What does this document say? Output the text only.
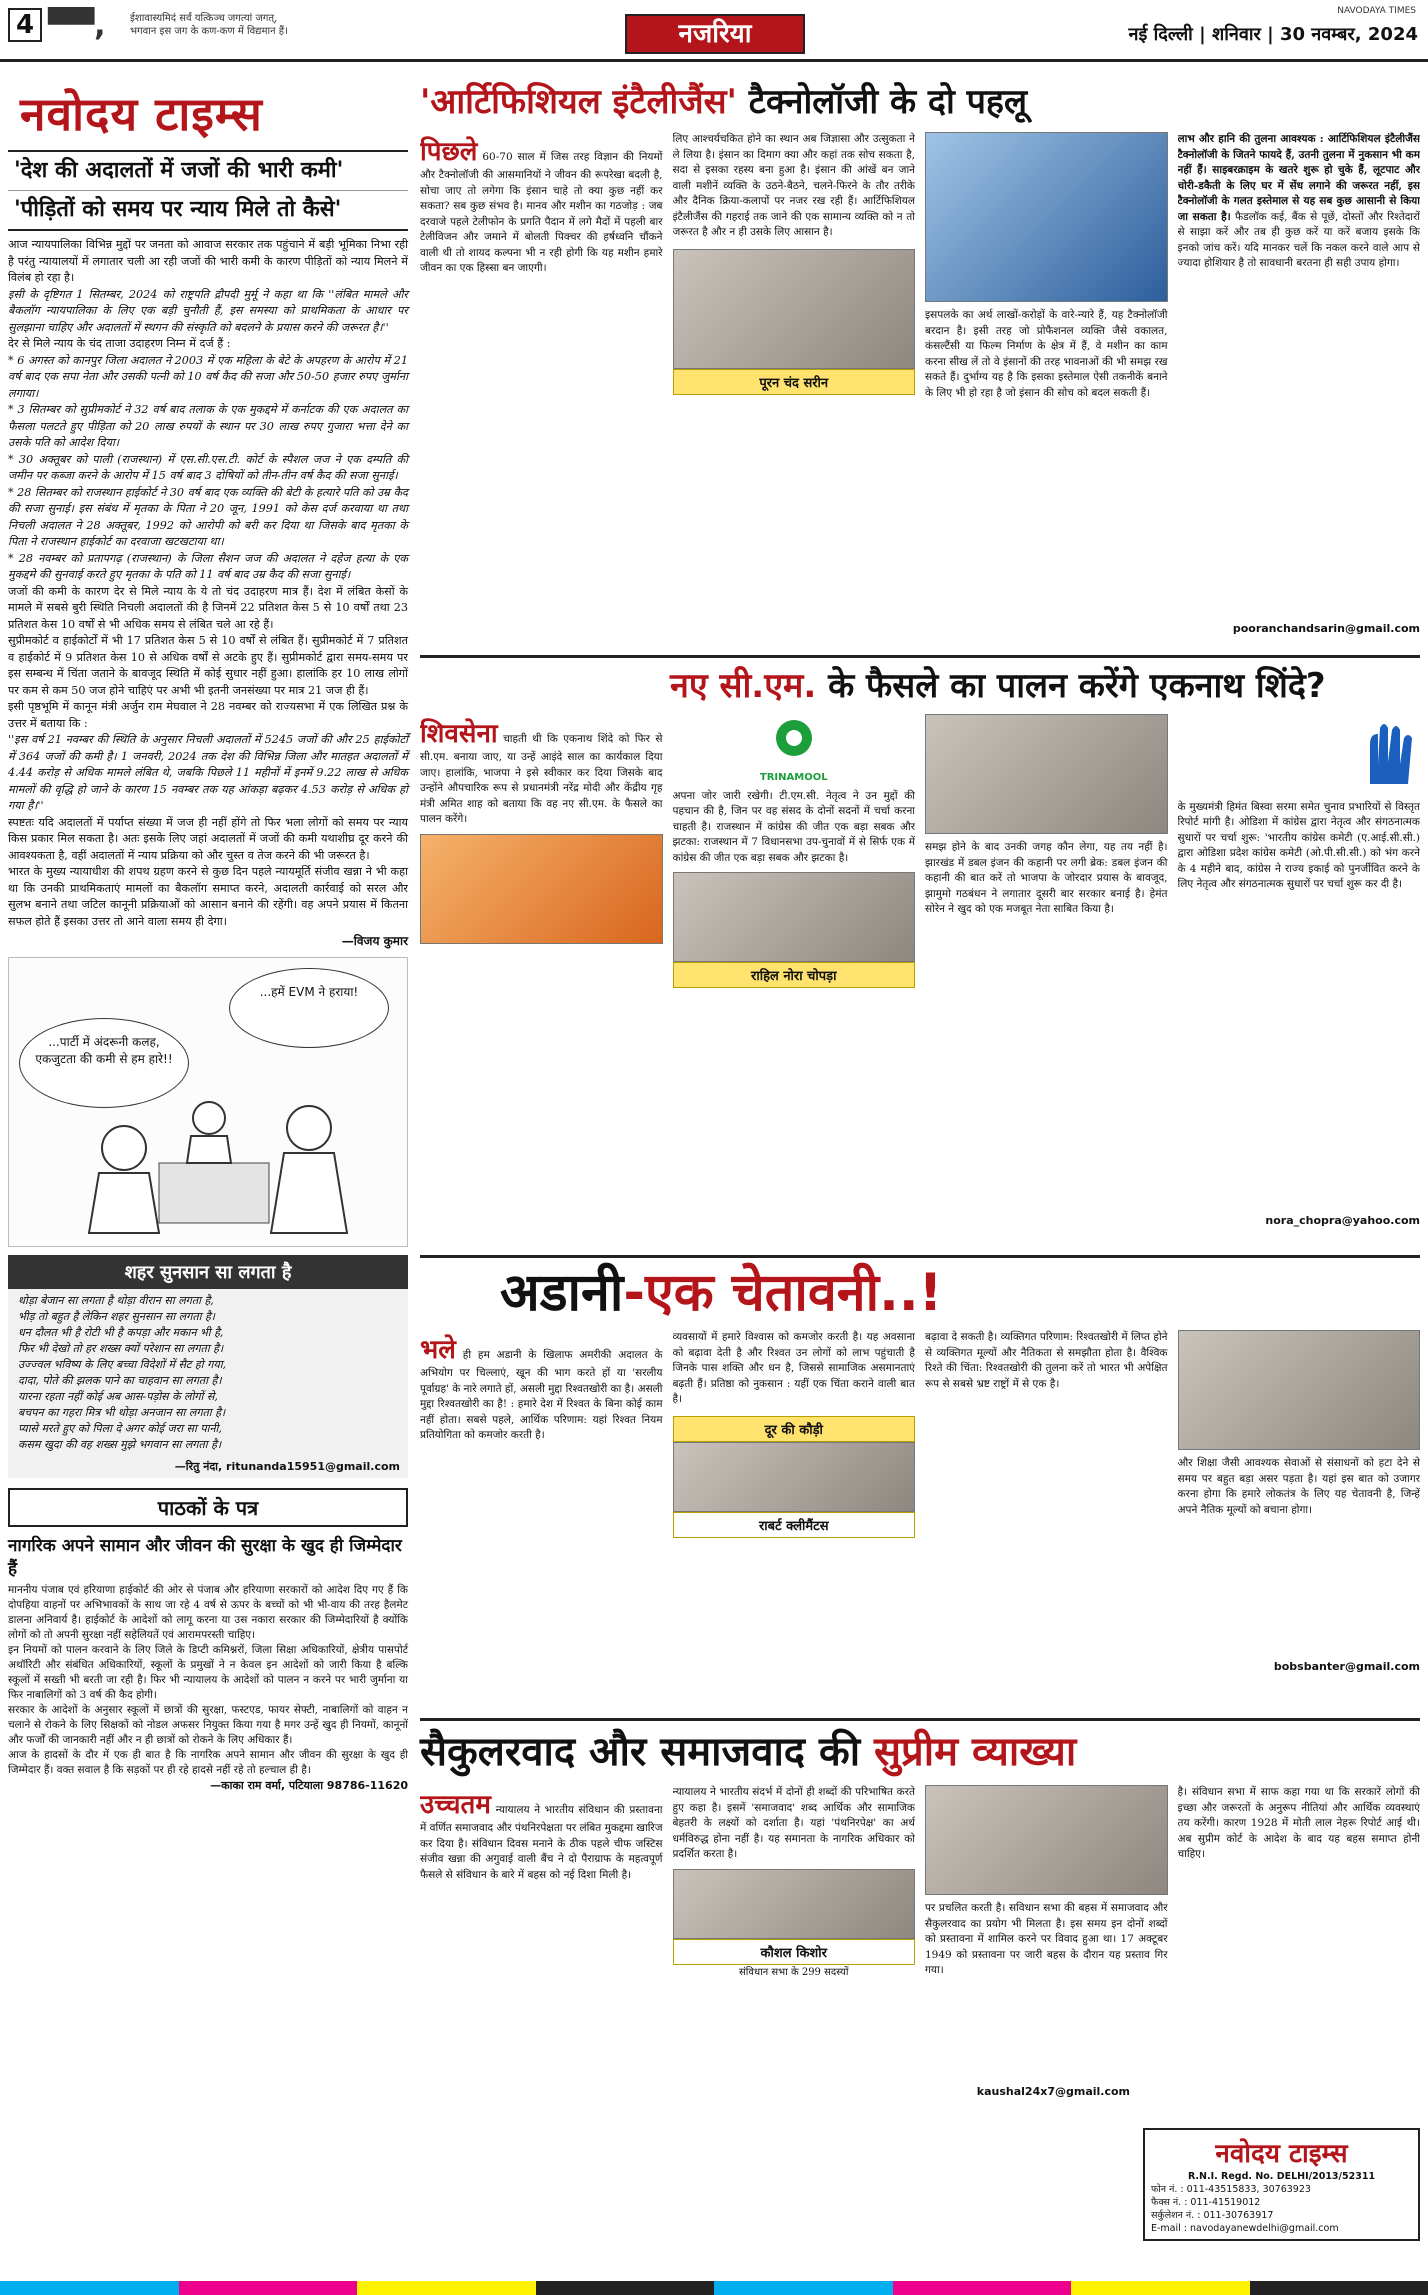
4 ▀▀, ईशावास्यमिदं सर्वं यत्किञ्च जगत्यां जगत्,
भगवान इस जग के कण-कण में विद्यमान हैं।	नजरिया
NAVODAYA TIMES
नई दिल्ली | शनिवार | 30 नवम्बर, 2024
नवोदय टाइम्स
'देश की अदालतों में जजों की भारी कमी'
'पीड़ितों को समय पर न्याय मिले तो कैसे'

आज न्यायपालिका विभिन्न मुद्दों पर जनता को आवाज सरकार तक पहुंचाने में बड़ी भूमिका निभा रही है परंतु न्यायालयों में लगातार चली आ रही जजों की भारी कमी के कारण पीड़ितों को न्याय मिलने में विलंब हो रहा है।

इसी के दृष्टिगत 1 सितम्बर, 2024 को राष्ट्रपति द्रौपदी मुर्मू ने कहा था कि ''लंबित मामले और बैकलॉग न्यायपालिका के लिए एक बड़ी चुनौती हैं, इस समस्या को प्राथमिकता के आधार पर सुलझाना चाहिए और अदालतों में स्थगन की संस्कृति को बदलने के प्रयास करने की जरूरत है।''

देर से मिले न्याय के चंद ताजा उदाहरण निम्न में दर्ज हैं :

* 6 अगस्त को कानपुर जिला अदालत ने 2003 में एक महिला के बेटे के अपहरण के आरोप में 21 वर्ष बाद एक सपा नेता और उसकी पत्नी को 10 वर्ष कैद की सजा और 50-50 हजार रुपए जुर्माना लगाया।

* 3 सितम्बर को सुप्रीमकोर्ट ने 32 वर्ष बाद तलाक के एक मुकद्दमे में कर्नाटक की एक अदालत का फैसला पलटते हुए पीड़िता को 20 लाख रुपयों के स्थान पर 30 लाख रुपए गुजारा भत्ता देने का उसके पति को आदेश दिया।

* 30 अक्तूबर को पाली (राजस्थान) में एस.सी.एस.टी. कोर्ट के स्पैशल जज ने एक दम्पति की जमीन पर कब्जा करने के आरोप में 15 वर्ष बाद 3 दोषियों को तीन-तीन वर्ष कैद की सजा सुनाई।

* 28 सितम्बर को राजस्थान हाईकोर्ट ने 30 वर्ष बाद एक व्यक्ति की बेटी के हत्यारे पति को उम्र कैद की सजा सुनाई। इस संबंध में मृतका के पिता ने 20 जून, 1991 को केस दर्ज करवाया था तथा निचली अदालत ने 28 अक्तूबर, 1992 को आरोपी को बरी कर दिया था जिसके बाद मृतका के पिता ने राजस्थान हाईकोर्ट का दरवाजा खटखटाया था।

* 28 नवम्बर को प्रतापगढ़ (राजस्थान) के जिला सैशन जज की अदालत ने दहेज हत्या के एक मुकद्दमे की सुनवाई करते हुए मृतका के पति को 11 वर्ष बाद उम्र कैद की सजा सुनाई।

जजों की कमी के कारण देर से मिले न्याय के ये तो चंद उदाहरण मात्र हैं। देश में लंबित केसों के मामले में सबसे बुरी स्थिति निचली अदालतों की है जिनमें 22 प्रतिशत केस 5 से 10 वर्षों तथा 23 प्रतिशत केस 10 वर्षों से भी अधिक समय से लंबित चले आ रहे हैं।

सुप्रीमकोर्ट व हाईकोर्टों में भी 17 प्रतिशत केस 5 से 10 वर्षों से लंबित हैं। सुप्रीमकोर्ट में 7 प्रतिशत व हाईकोर्ट में 9 प्रतिशत केस 10 से अधिक वर्षों से अटके हुए हैं। सुप्रीमकोर्ट द्वारा समय-समय पर इस सम्बन्ध में चिंता जताने के बावजूद स्थिति में कोई सुधार नहीं हुआ। हालांकि हर 10 लाख लोगों पर कम से कम 50 जज होने चाहिएं पर अभी भी इतनी जनसंख्या पर मात्र 21 जज ही हैं।

इसी पृष्ठभूमि में कानून मंत्री अर्जुन राम मेघवाल ने 28 नवम्बर को राज्यसभा में एक लिखित प्रश्न के उत्तर में बताया कि :

''इस वर्ष 21 नवम्बर की स्थिति के अनुसार निचली अदालतों में 5245 जजों की और 25 हाईकोर्टों में 364 जजों की कमी है। 1 जनवरी, 2024 तक देश की विभिन्न जिला और मातहत अदालतों में 4.44 करोड़ से अधिक मामले लंबित थे, जबकि पिछले 11 महीनों में इनमें 9.22 लाख से अधिक मामलों की वृद्धि हो जाने के कारण 15 नवम्बर तक यह आंकड़ा बढ़कर 4.53 करोड़ से अधिक हो गया है।''

स्पष्टतः यदि अदालतों में पर्याप्त संख्या में जज ही नहीं होंगे तो फिर भला लोगों को समय पर न्याय किस प्रकार मिल सकता है। अतः इसके लिए जहां अदालतों में जजों की कमी यथाशीघ्र दूर करने की आवश्यकता है, वहीं अदालतों में न्याय प्रक्रिया को और चुस्त व तेज करने की भी जरूरत है।

भारत के मुख्य न्यायाधीश की शपथ ग्रहण करने से कुछ दिन पहले न्यायमूर्ति संजीव खन्ना ने भी कहा था कि उनकी प्राथमिकताएं मामलों का बैकलॉग समाप्त करने, अदालती कार्रवाई को सरल और सुलभ बनाने तथा जटिल कानूनी प्रक्रियाओं को आसान बनाने की रहेंगी। वह अपने प्रयास में कितना सफल होते हैं इसका उत्तर तो आने वाला समय ही देगा।

—विजय कुमार
...हमें EVM ने हराया!
...पार्टी में अंदरूनी कलह, एकजुटता की कमी से हम हारे!!
शहर सुनसान सा लगता है
थोड़ा बेजान सा लगता है थोड़ा वीरान सा लगता है,
भीड़ तो बहुत है लेकिन शहर सुनसान सा लगता है।
धन दौलत भी है रोटी भी है कपड़ा और मकान भी है,
फिर भी देखो तो हर शख्स क्यों परेशान सा लगता है।
उज्ज्वल भविष्य के लिए बच्चा विदेशों में सैट हो गया,
दादा, पोते की झलक पाने का चाहवान सा लगता है।
यारना रहता नहीं कोई अब आस-पड़ोस के लोगों से,
बचपन का गहरा मित्र भी थोड़ा अनजान सा लगता है।
प्यासे मरते हुए को पिला दे अगर कोई जरा सा पानी,
कसम खुदा की वह शख्स मुझे भगवान सा लगता है।
—रितु नंदा, ritunanda15951@gmail.com
पाठकों के पत्र
नागरिक अपने सामान और जीवन की सुरक्षा के खुद ही जिम्मेदार हैं

माननीय पंजाब एवं हरियाणा हाईकोर्ट की ओर से पंजाब और हरियाणा सरकारों को आदेश दिए गए हैं कि दोपहिया वाहनों पर अभिभावकों के साथ जा रहे 4 वर्ष से ऊपर के बच्चों को भी भी-वाय की तरह हैलमेट डालना अनिवार्य है। हाईकोर्ट के आदेशों को लागू करना या उस नकारा सरकार की जिम्मेदारियों है क्योंकि लोगों को तो अपनी सुरक्षा नहीं सहेलियतें एवं आरामपरस्ती चाहिए।

इन नियमों को पालन करवाने के लिए जिले के डिप्टी कमिश्नरों, जिला सिक्षा अधिकारियों, क्षेत्रीय पासपोर्ट अथॉरिटी और संबंधित अधिकारियों, स्कूलों के प्रमुखों ने न केवल इन आदेशों को जारी किया है बल्कि स्कूलों में सख्ती भी बरती जा रही है। फिर भी न्यायालय के आदेशों को पालन न करने पर भारी जुर्माना या फिर नाबालिगों को 3 वर्ष की कैद होगी।

सरकार के आदेशों के अनुसार स्कूलों में छात्रों की सुरक्षा, फस्टएड, फायर सेफ्टी, नाबालिगों को वाहन न चलाने से रोकने के लिए सिक्षकों को नोडल अफसर नियुक्त किया गया है मगर उन्हें खुद ही नियमों, कानूनों और फर्जों की जानकारी नहीं और न ही छात्रों को रोकने के लिए अधिकार हैं।

आज के हादसों के दौर में एक ही बात है कि नागरिक अपने सामान और जीवन की सुरक्षा के खुद ही जिम्मेदार हैं। वक्त सवाल है कि सड़कों पर ही रहे हादसे नहीं रहे तो हल्चाल ही है।

—काका राम वर्मा, पटियाला 98786-11620
'आर्टिफिशियल इंटैलीजैंस' टैक्नोलॉजी के दो पहलू
पिछले 60-70 साल में जिस तरह विज्ञान की नियमों और टैक्नोलॉजी की आसमानियों ने जीवन की रूपरेखा बदली है, सोचा जाए तो लगेगा कि इंसान चाहे तो क्या कुछ नहीं कर सकता? सब कुछ संभव है। मानव और मशीन का गठजोड़ : जब दरवाजे पहले टेलीफोन के प्रगति पैदान में लगे मैदों में पहली बार टेलीविजन और जमाने में बोलती पिक्चर की हर्षध्वनि चौंकने वाली थी तो शायद कल्पना भी न रही होगी कि यह मशीन हमारे जीवन का एक हिस्सा बन जाएगी।
लिए आश्चर्यचकित होने का स्थान अब जिज्ञासा और उत्सुकता ने ले लिया है। इंसान का दिमाग क्या और कहां तक सोच सकता है, सदा से इसका रहस्य बना हुआ है। इंसान की आंखें बन जाने वाली मशीनें व्यक्ति के उठने-बैठने, चलने-फिरने के तौर तरीके और दैनिक क्रिया-कलापों पर नजर रख रही हैं। आर्टिफिशियल इंटैलीजैंस की गहराई तक जाने की एक सामान्य व्यक्ति को न तो जरूरत है और न ही उसके लिए आसान है।
पूरन चंद सरीन
इसपलके का अर्थ लाखों-करोड़ों के वारे-न्यारे हैं, यह टैक्नोलॉजी बरदान है। इसी तरह जो प्रोफैशनल व्यक्ति जैसे वकालत, कंसल्टैंसी या फिल्म निर्माण के क्षेत्र में हैं, वे मशीन का काम करना सीख लें तो वे इंसानों की तरह भावनाओं की भी समझ रख सकते हैं। दुर्भाग्य यह है कि इसका इस्तेमाल ऐसी तकनीकें बनाने के लिए भी हो रहा है जो इंसान की सोच को बदल सकती हैं।
लाभ और हानि की तुलना आवश्यक : आर्टिफिशियल इंटैलीजैंस टैक्नोलॉजी के जितने फायदे हैं, उतनी तुलना में नुकसान भी कम नहीं हैं। साइबरक्राइम के खतरे शुरू हो चुके हैं, लूटपाट और चोरी-डकैती के लिए घर में सेंध लगाने की जरूरत नहीं, इस टैक्नोलॉजी के गलत इस्तेमाल से यह सब कुछ आसानी से किया जा सकता है। फैडलॉक कई, बैंक से पूछें, दोस्तों और रिश्तेदारों से साझा करें और तब ही कुछ करें या करें बजाय इसके कि इनको जांच करें। यदि मानकर चलें कि नकल करने वाले आप से ज्यादा होशियार है तो सावधानी बरतना ही सही उपाय होगा।
pooranchandsarin@gmail.com
नए सी.एम. के फैसले का पालन करेंगे एकनाथ शिंदे?
शिवसेना चाहती थी कि एकनाथ शिंदे को फिर से सी.एम. बनाया जाए, या उन्हें आइंदे साल का कार्यकाल दिया जाए। हालांकि, भाजपा ने इसे स्वीकार कर दिया जिसके बाद उन्होंने औपचारिक रूप से प्रधानमंत्री नरेंद्र मोदी और केंद्रीय गृह मंत्री अमित शाह को बताया कि वह नए सी.एम. के फैसले का पालन करेंगे।
TRINAMOOL
अपना जोर जारी रखेगी। टी.एम.सी. नेतृत्व ने उन मुद्दों की पहचान की है, जिन पर वह संसद के दोनों सदनों में चर्चा करना चाहती है। राजस्थान में कांग्रेस की जीत एक बड़ा सबक और झटका: राजस्थान में 7 विधानसभा उप-चुनावों में से सिर्फ एक में कांग्रेस की जीत एक बड़ा सबक और झटका है।
राहिल नोरा चोपड़ा
समझ होने के बाद उनकी जगह कौन लेगा, यह तय नहीं है। झारखंड में डबल इंजन की कहानी पर लगी ब्रेक: डबल इंजन की कहानी की बात करें तो भाजपा के जोरदार प्रयास के बावजूद, झामुमो गठबंधन ने लगातार दूसरी बार सरकार बनाई है। हेमंत सोरेन ने खुद को एक मजबूत नेता साबित किया है।
के मुख्यमंत्री हिमंत बिस्वा सरमा समेत चुनाव प्रभारियों से विस्तृत रिपोर्ट मांगी है। ओडिशा में कांग्रेस द्वारा नेतृत्व और संगठनात्मक सुधारों पर चर्चा शुरू: 'भारतीय कांग्रेस कमेटी (ए.आई.सी.सी.) द्वारा ओडिशा प्रदेश कांग्रेस कमेटी (ओ.पी.सी.सी.) को भंग करने के 4 महीने बाद, कांग्रेस ने राज्य इकाई को पुनर्जीवित करने के लिए नेतृत्व और संगठनात्मक सुधारों पर चर्चा शुरू कर दी है।
nora_chopra@yahoo.com
अडानी-एक चेतावनी..!
भले ही हम अडानी के खिलाफ अमरीकी अदालत के अभियोग पर चिल्लाएं, खून की भाग करते हों या 'सरलीय पूर्वाग्रह' के नारे लगाते हों, असली मुद्दा रिश्वतखोरी का है। असली मुद्दा रिश्वतखोरी का है! : हमारे देश में रिश्वत के बिना कोई काम नहीं होता। सबसे पहले, आर्थिक परिणाम: यहां रिश्वत नियम प्रतियोगिता को कमजोर करती है।
व्यवसायों में हमारे विश्वास को कमजोर करती है। यह अवसाना को बढ़ावा देती है और रिश्वत उन लोगों को लाभ पहुंचाती है जिनके पास शक्ति और धन है, जिससे सामाजिक असमानताएं बढ़ती हैं। प्रतिष्ठा को नुकसान : यहीं एक चिंता कराने वाली बात है।
दूर की कौड़ी
राबर्ट क्लीमैंटस
बढ़ावा दे सकती है। व्यक्तिगत परिणाम: रिश्वतखोरी में लिप्त होने से व्यक्तिगत मूल्यों और नैतिकता से समझौता होता है। वैश्विक रिश्ते की चिंता: रिश्वतखोरी की तुलना करें तो भारत भी अपेक्षित रूप से सबसे भ्रष्ट राष्ट्रों में से एक है।
और शिक्षा जैसी आवश्यक सेवाओं से संसाधनों को हटा देने से समय पर बहुत बड़ा असर पड़ता है। यहां इस बात को उजागर करना होगा कि हमारे लोकतंत्र के लिए यह चेतावनी है, जिन्हें अपने नैतिक मूल्यों को बचाना होगा।
bobsbanter@gmail.com
सैकुलरवाद और समाजवाद की सुप्रीम व्याख्या
उच्चतम न्यायालय ने भारतीय संविधान की प्रस्तावना में वर्णित समाजवाद और पंथनिरपेक्षता पर लंबित मुकद्दमा खारिज कर दिया है। संविधान दिवस मनाने के ठीक पहले चीफ जस्टिस संजीव खन्ना की अगुवाई वाली बैंच ने दो पैराग्राफ के महत्वपूर्ण फैसले से संविधान के बारे में बहस को नई दिशा मिली है।
न्यायालय ने भारतीय संदर्भ में दोनों ही शब्दों की परिभाषित करते हुए कहा है। इसमें 'समाजवाद' शब्द आर्थिक और सामाजिक बेहतरी के लक्ष्यों को दर्शाता है। यहां 'पंथनिरपेक्ष' का अर्थ धर्मविरुद्ध होना नहीं है। यह समानता के नागरिक अधिकार को प्रदर्शित करता है।
कौशल किशोर
संविधान सभा के 299 सदस्यों
पर प्रचलित करती है। सविधान सभा की बहस में समाजवाद और सैकुलरवाद का प्रयोग भी मिलता है। इस समय इन दोनों शब्दों को प्रस्तावना में शामिल करने पर विवाद हुआ था। 17 अक्टूबर 1949 को प्रस्तावना पर जारी बहस के दौरान यह प्रस्ताव गिर गया।
है। संविधान सभा में साफ कहा गया था कि सरकारें लोगों की इच्छा और जरूरतों के अनुरूप नीतियां और आर्थिक व्यवस्थाएं तय करेंगी। कारण 1928 में मोती लाल नेहरू रिपोर्ट आई थी। अब सुप्रीम कोर्ट के आदेश के बाद यह बहस समाप्त होनी चाहिए।
kaushal24x7@gmail.com
नवोदय टाइम्स
R.N.I. Regd. No. DELHI/2013/52311
फोन नं. : 011-43515833, 30763923
फैक्स नं. : 011-4151901​2
सर्कुलेशन नं. : 011-30763917
E-mail : navodayanewdelhi@gmail.com
